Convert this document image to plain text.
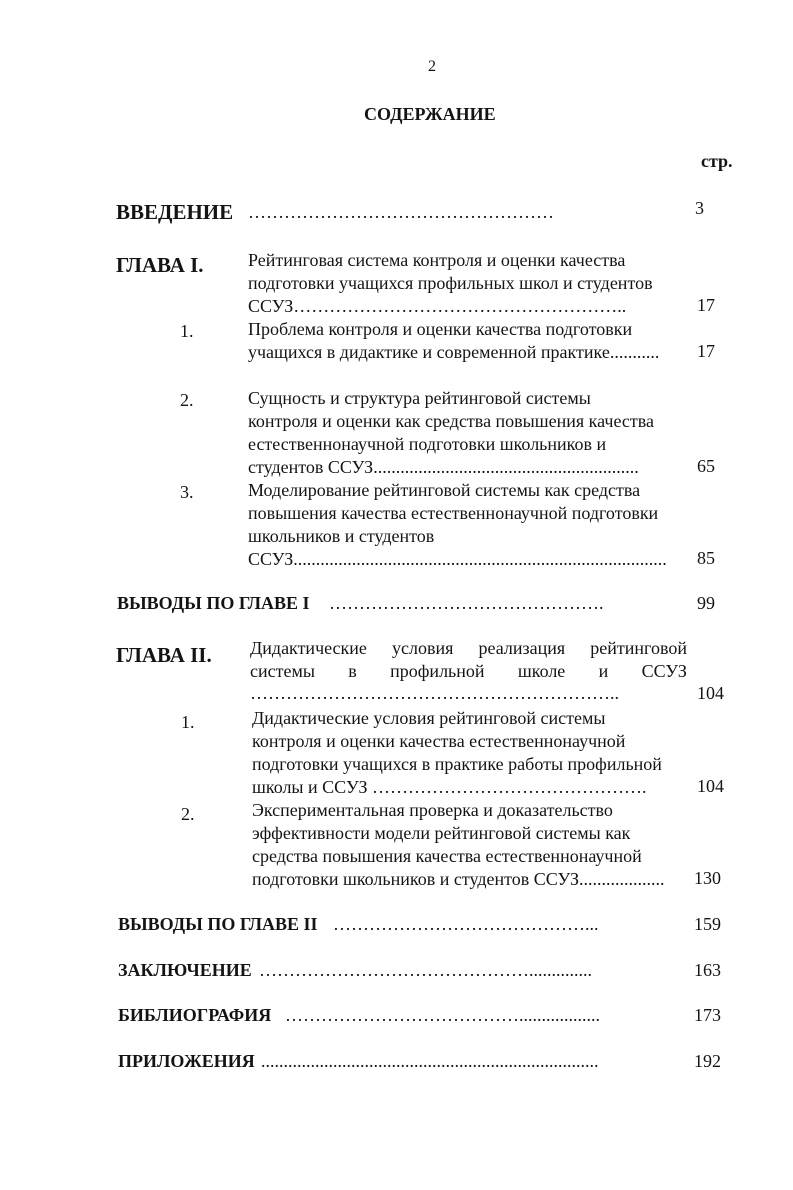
2
СОДЕРЖАНИЕ
стр.
ВВЕДЕНИЕ ……………………………………………	3
ГЛАВА I. Рейтинговая система контроля и оценки качества
подготовки учащихся профильных школ и студентов
ССУЗ………………………………………………..	17
1.	Проблема контроля и оценки качества подготовки
учащихся в дидактике и современной практике........... 17
2.	Сущность и структура рейтинговой системы
контроля и оценки как средства повышения качества
естественнонаучной подготовки школьников и
студентов ССУЗ...........................................................	65
3.	Моделирование рейтинговой системы как средства
повышения качества естественнонаучной подготовки
школьников и студентов
ССУЗ................................................................................... 85
ВЫВОДЫ ПО ГЛАВЕ I ……………………………………….	99
ГЛАВА II. Дидактические условия реализация рейтинговой
системы в профильной школе и ССУЗ
……………………………………………………..	104
1.	Дидактические условия рейтинговой системы
контроля и оценки качества естественнонаучной
подготовки учащихся в практике работы профильной
школы и ССУЗ ……………………………………….	104
2.	Экспериментальная проверка и доказательство
эффективности модели рейтинговой системы как
средства повышения качества естественнонаучной
подготовки школьников и студентов ССУЗ................... 130
ВЫВОДЫ ПО ГЛАВЕ II ……………………………………...	159
ЗАКЛЮЧЕНИЕ ………………………………………..............	163
БИБЛИОГРАФИЯ …………………………………..................	173
ПРИЛОЖЕНИЯ ...........................................................................	192
